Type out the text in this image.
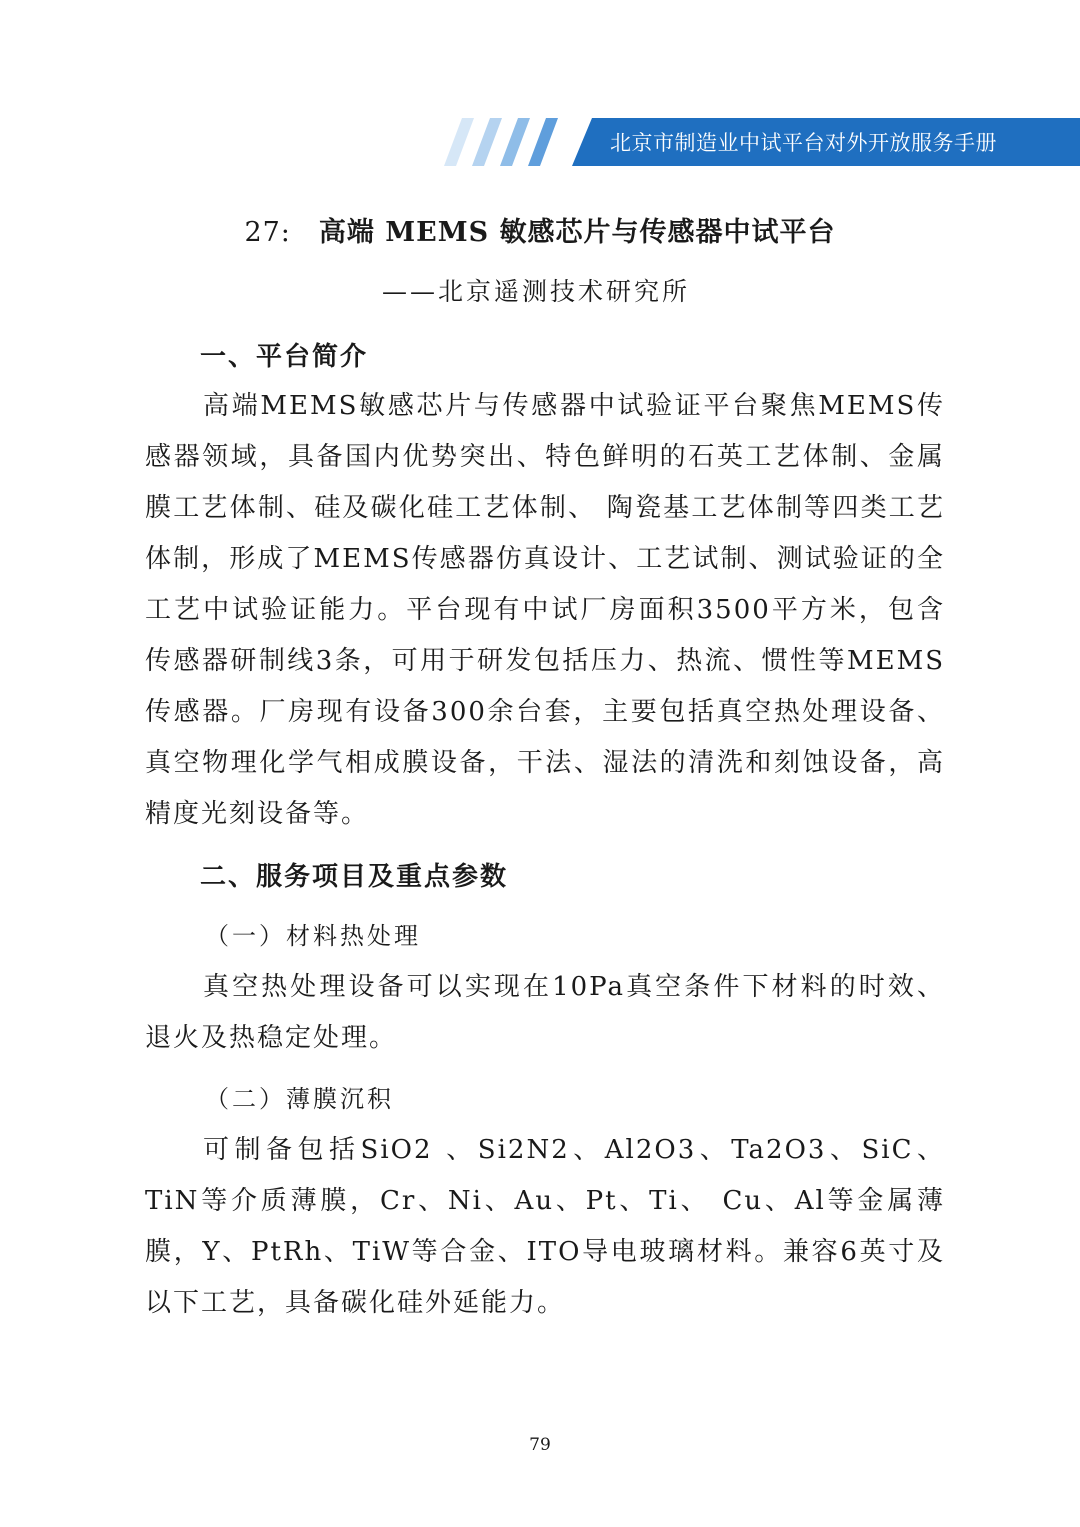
北京市制造业中试平台对外开放服务手册
27: 高端 MEMS 敏感芯片与传感器中试平台
——北京遥测技术研究所
一、平台简介

高端MEMS敏感芯片与传感器中试验证平台聚焦MEMS传感器领域，具备国内优势突出、特色鲜明的石英工艺体制、金属膜工艺体制、硅及碳化硅工艺体制、 陶瓷基工艺体制等四类工艺体制，形成了MEMS传感器仿真设计、工艺试制、测试验证的全工艺中试验证能力。平台现有中试厂房面积3500平方米，包含传感器研制线3条，可用于研发包括压力、热流、惯性等MEMS传感器。厂房现有设备300余台套，主要包括真空热处理设备、真空物理化学气相成膜设备，干法、湿法的清洗和刻蚀设备，高精度光刻设备等。

二、服务项目及重点参数
（一）材料热处理

真空热处理设备可以实现在10Pa真空条件下材料的时效、退火及热稳定处理。

（二）薄膜沉积

可制备包括SiO2 、Si2N2、Al2O3、Ta2O3、SiC、TiN等介质薄膜，Cr、Ni、Au、Pt、Ti、 Cu、Al等金属薄膜，Y、PtRh、TiW等合金、ITO导电玻璃材料。兼容6英寸及以下工艺，具备碳化硅外延能力。

79
